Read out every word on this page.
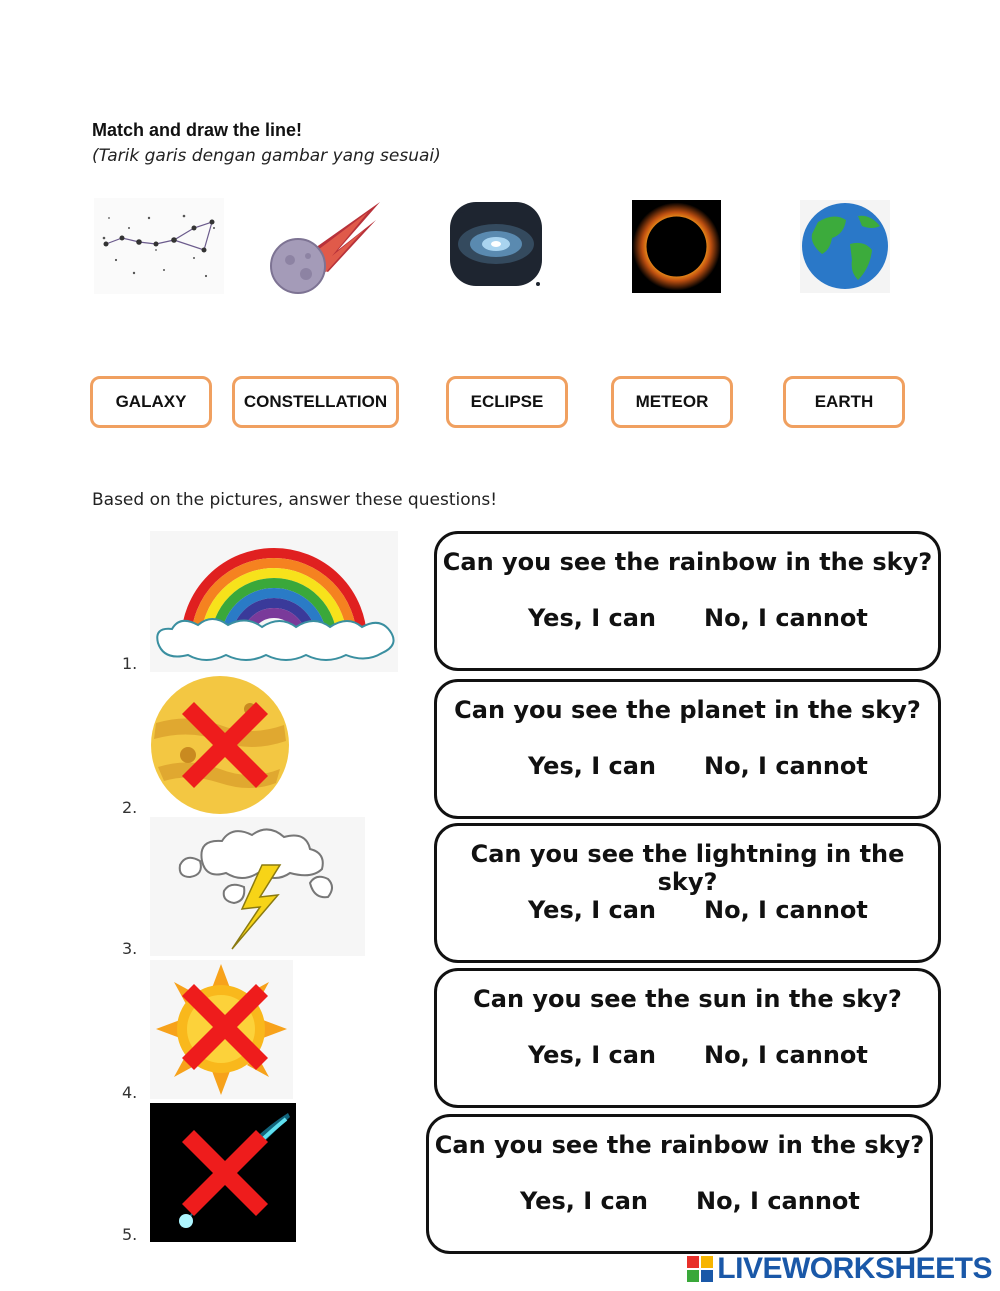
Match and draw the line!
(Tarik garis dengan gambar yang sesuai)
GALAXY	CONSTELLATION	ECLIPSE	METEOR	EARTH
Based on the pictures, answer these questions!
1.
Can you see the rainbow in the sky?
Yes, I can No, I cannot
2.
Can you see the planet in the sky?
Yes, I can No, I cannot
3.
Can you see the lightning in the sky?
Yes, I can No, I cannot
4.
Can you see the sun in the sky?
Yes, I can No, I cannot
5.
Can you see the rainbow in the sky?
Yes, I can No, I cannot
LIVEWORKSHEETS
